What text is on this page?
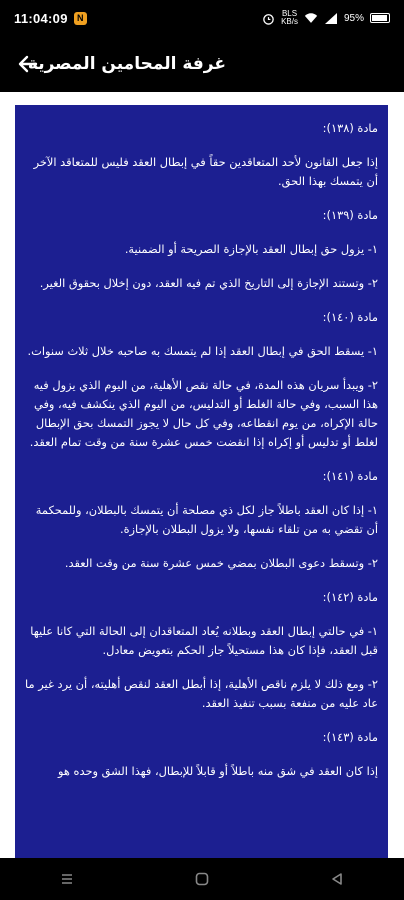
11:04:09	N	BLS
KB/s	95%
غرفة المحامين المصرية

مادة (١٣٨):

إذا جعل القانون لأحد المتعاقدين حقاً في إبطال العقد فليس للمتعاقد الآخر أن يتمسك بهذا الحق.

مادة (١٣٩):

١- يزول حق إبطال العقد بالإجازة الصريحة أو الضمنية.

٢- وتستند الإجازة إلى التاريخ الذي تم فيه العقد، دون إخلال بحقوق الغير.

مادة (١٤٠):

١- يسقط الحق في إبطال العقد إذا لم يتمسك به صاحبه خلال ثلاث سنوات.

٢- ويبدأ سريان هذه المدة، في حالة نقص الأهلية، من اليوم الذي يزول فيه هذا السبب، وفي حالة الغلط أو التدليس، من اليوم الذي ينكشف فيه، وفي حالة الإكراه، من يوم انقطاعه، وفي كل حال لا يجوز التمسك بحق الإبطال لغلط أو تدليس أو إكراه إذا انقضت خمس عشرة سنة من وقت تمام العقد.

مادة (١٤١):

١- إذا كان العقد باطلاً جاز لكل ذي مصلحة أن يتمسك بالبطلان، وللمحكمة أن تقضي به من تلقاء نفسها، ولا يزول البطلان بالإجازة.

٢- وتسقط دعوى البطلان بمضي خمس عشرة سنة من وقت العقد.

مادة (١٤٢):

١- في حالتي إبطال العقد وبطلانه يُعاد المتعاقدان إلى الحالة التي كانا عليها قبل العقد، فإذا كان هذا مستحيلاً جاز الحكم بتعويض معادل.

٢- ومع ذلك لا يلزم ناقص الأهلية، إذا أبطل العقد لنقص أهليته، أن يرد غير ما عاد عليه من منفعة بسبب تنفيذ العقد.

مادة (١٤٣):

إذا كان العقد في شق منه باطلاً أو قابلاً للإبطال، فهذا الشق وحده هو
